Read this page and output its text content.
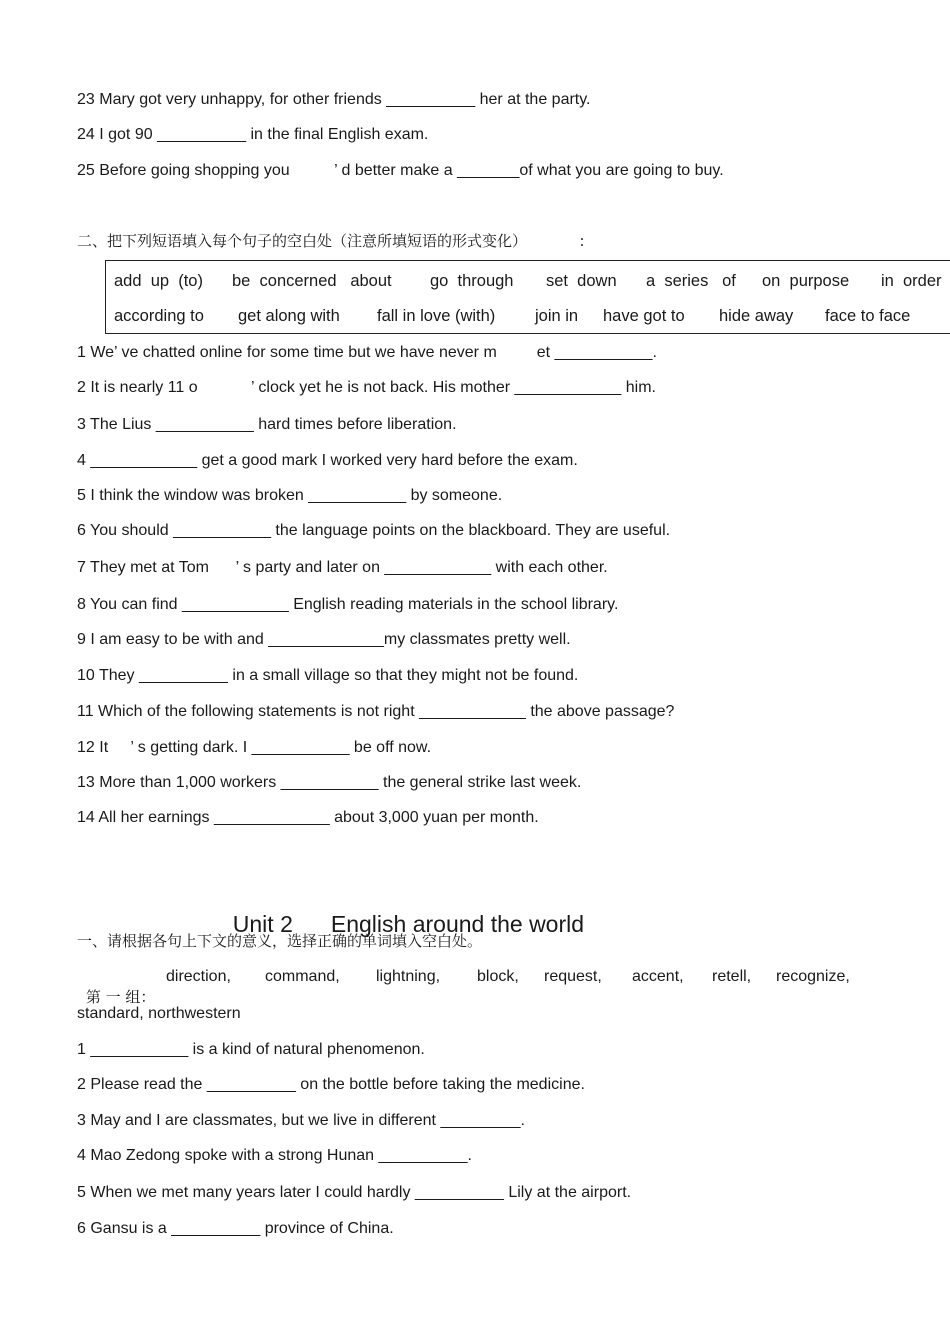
23 Mary got very unhappy, for other friends __________ her at the party.
24 I got 90 __________ in the final English exam.
25 Before going shopping you          ’ d better make a _______of what you are going to buy.
二、把下列短语填入每个句子的空白处（注意所填短语的形式变化）           :
add  up  (to) be  concerned   about go  through set  down a  series   of on  purpose in  order
according to get along with fall in love (with) join in have got to hide away face to face
1 We’ ve chatted online for some time but we have never m         et ___________.
2 It is nearly 11 o            ’ clock yet he is not back. His mother ____________ him.
3 The Lius ___________ hard times before liberation.
4 ____________ get a good mark I worked very hard before the exam.
5 I think the window was broken ___________ by someone.
6 You should ___________ the language points on the blackboard. They are useful.
7 They met at Tom      ’ s party and later on ____________ with each other.
8 You can find ____________ English reading materials in the school library.
9 I am easy to be with and _____________my classmates pretty well.
10 They __________ in a small village so that they might not be found.
11 Which of the following statements is not right ____________ the above passage?
12 It     ’ s getting dark. I ___________ be off now.
13 More than 1,000 workers ___________ the general strike last week.
14 All her earnings _____________ about 3,000 yuan per month.

Unit 2 English around the world

一、请根据各句上下文的意义，选择正确的单词填入空白处。

第 一 组：

direction, command, lightning, block, request, accent, retell, recognize,
standard, northwestern
1 ___________ is a kind of natural phenomenon.
2 Please read the __________ on the bottle before taking the medicine.
3 May and I are classmates, but we live in different _________.
4 Mao Zedong spoke with a strong Hunan __________.
5 When we met many years later I could hardly __________ Lily at the airport.
6 Gansu is a __________ province of China.
